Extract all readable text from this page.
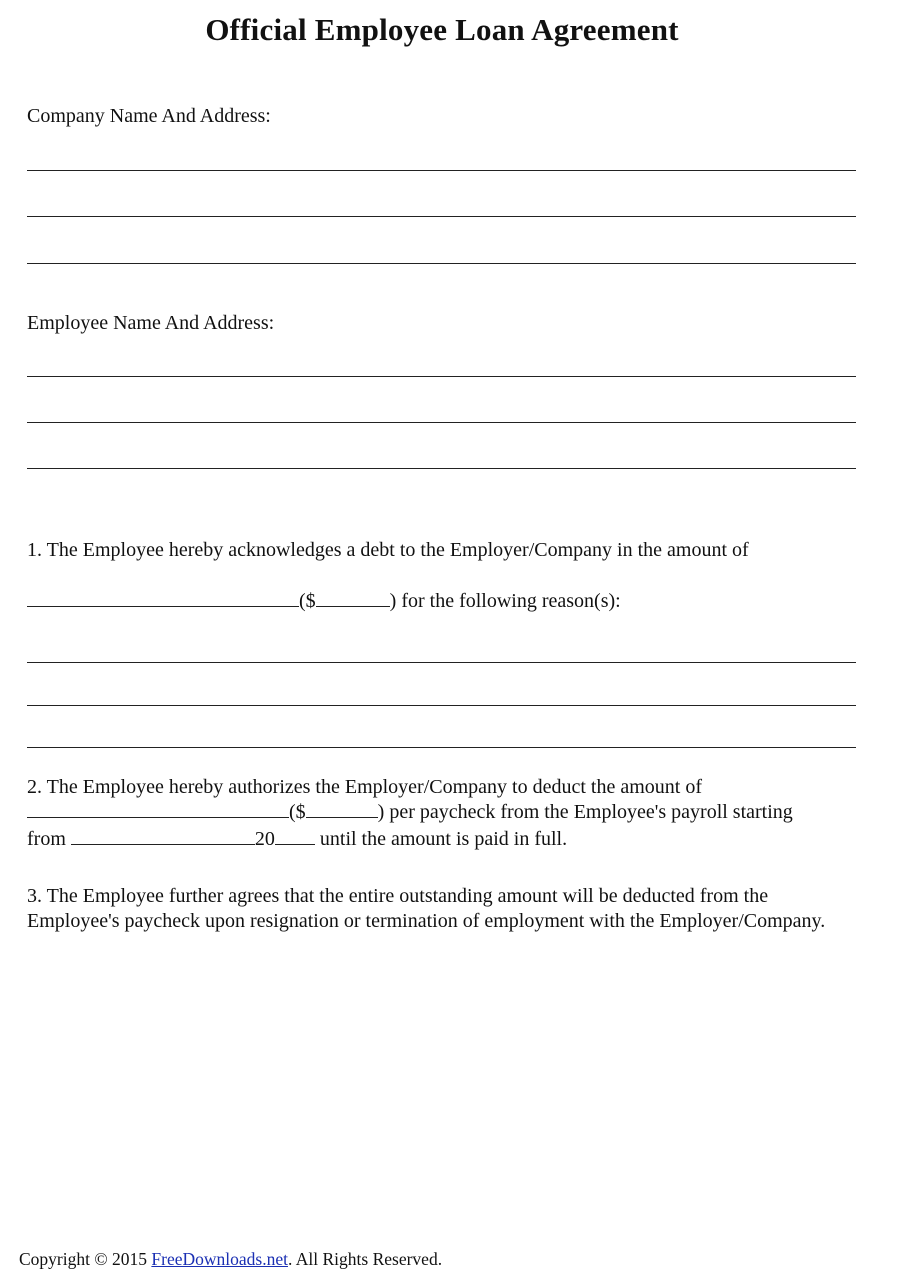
Official Employee Loan Agreement
Company Name And Address:
Employee Name And Address:
1. The Employee hereby acknowledges a debt to the Employer/Company in the amount of
($	) for the following reason(s):
2. The Employee hereby authorizes the Employer/Company to deduct the amount of
($	) per paycheck from the Employee's payroll starting
from	20 until the amount is paid in full.
3. The Employee further agrees that the entire outstanding amount will be deducted from the Employee's paycheck upon resignation or termination of employment with the Employer/Company.
Copyright © 2015 FreeDownloads.net. All Rights Reserved.
